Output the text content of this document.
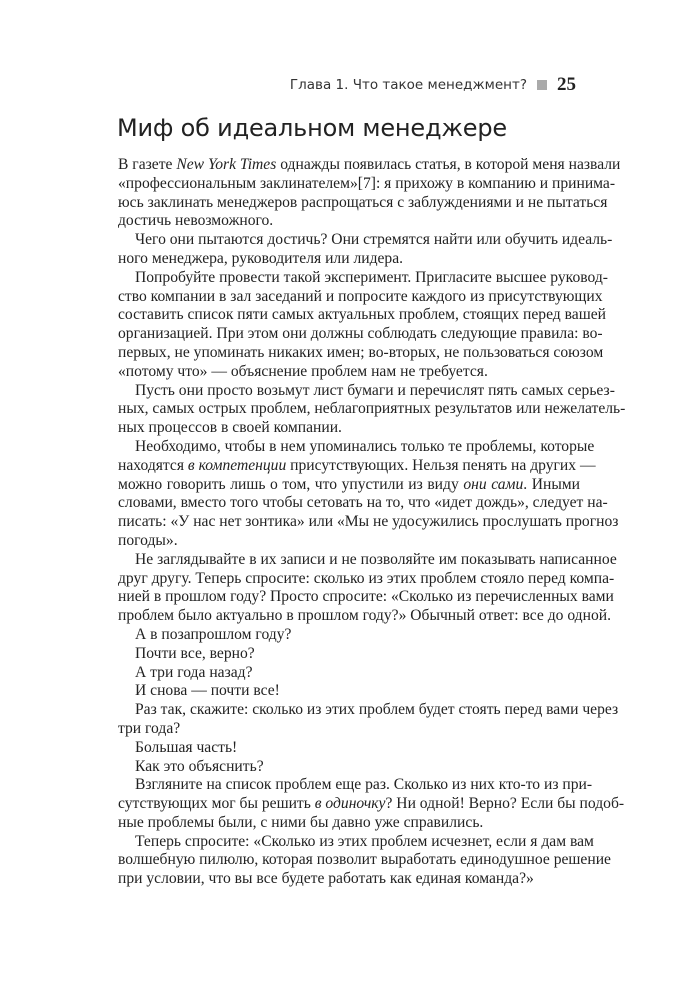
Глава 1. Что такое менеджмент? 25
Миф об идеальном менеджере
В газете New York Times однажды появилась статья, в которой меня назвали
«профессиональным заклинателем»[7]: я прихожу в компанию и принима-
юсь заклинать менеджеров распрощаться с заблуждениями и не пытаться
достичь невозможного.
Чего они пытаются достичь? Они стремятся найти или обучить идеаль-
ного менеджера, руководителя или лидера.
Попробуйте провести такой эксперимент. Пригласите высшее руковод-
ство компании в зал заседаний и попросите каждого из присутствующих
составить список пяти самых актуальных проблем, стоящих перед вашей
организацией. При этом они должны соблюдать следующие правила: во-
первых, не упоминать никаких имен; во-вторых, не пользоваться союзом
«потому что» — объяснение проблем нам не требуется.
Пусть они просто возьмут лист бумаги и перечислят пять самых серьез-
ных, самых острых проблем, неблагоприятных результатов или нежелатель-
ных процессов в своей компании.
Необходимо, чтобы в нем упоминались только те проблемы, которые
находятся в компетенции присутствующих. Нельзя пенять на других —
можно говорить лишь о том, что упустили из виду они сами. Иными
словами, вместо того чтобы сетовать на то, что «идет дождь», следует на-
писать: «У нас нет зонтика» или «Мы не удосужились прослушать прогноз
погоды».
Не заглядывайте в их записи и не позволяйте им показывать написанное
друг другу. Теперь спросите: сколько из этих проблем стояло перед компа-
нией в прошлом году? Просто спросите: «Сколько из перечисленных вами
проблем было актуально в прошлом году?» Обычный ответ: все до одной.
А в позапрошлом году?
Почти все, верно?
А три года назад?
И снова — почти все!
Раз так, скажите: сколько из этих проблем будет стоять перед вами через
три года?
Большая часть!
Как это объяснить?
Взгляните на список проблем еще раз. Сколько из них кто-то из при-
сутствующих мог бы решить в одиночку? Ни одной! Верно? Если бы подоб-
ные проблемы были, с ними бы давно уже справились.
Теперь спросите: «Сколько из этих проблем исчезнет, если я дам вам
волшебную пилюлю, которая позволит выработать единодушное решение
при условии, что вы все будете работать как единая команда?»
